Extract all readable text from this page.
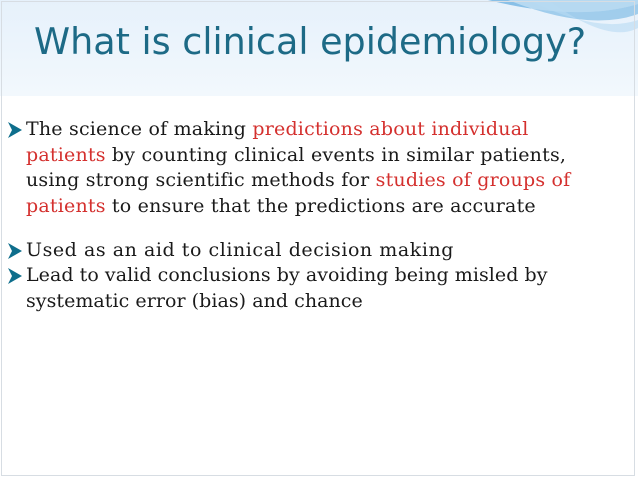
What is clinical epidemiology?
The science of making predictions about individual patients by counting clinical events in similar patients, using strong scientific methods for studies of groups of patients to ensure that the predictions are accurate
Used as an aid to clinical decision making
Lead to valid conclusions by avoiding being misled by systematic error (bias) and chance
